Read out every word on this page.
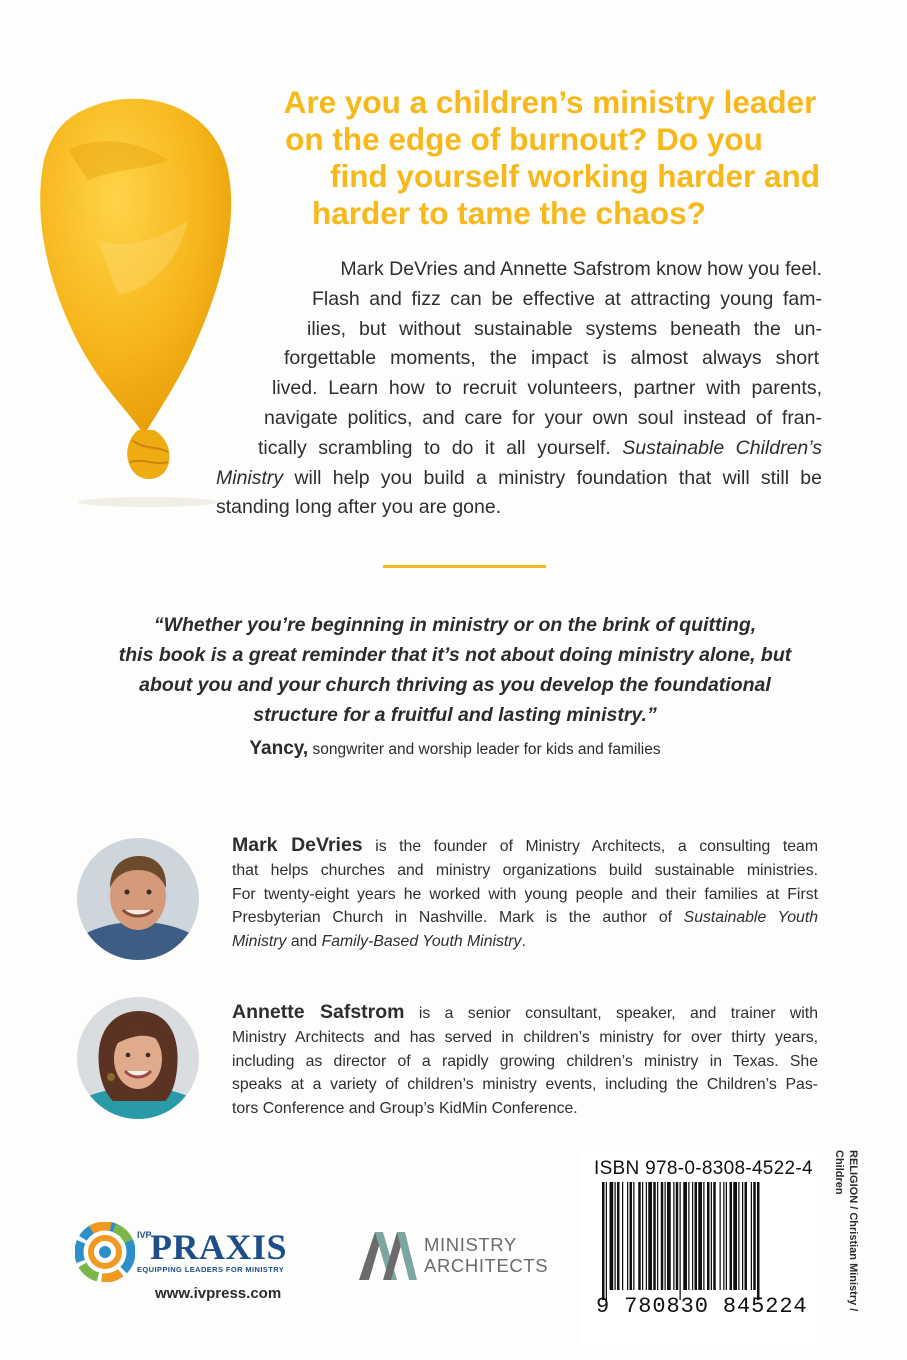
Are you a children’s ministry leader
on the edge of burnout? Do you
find yourself working harder and
harder to tame the chaos?

Mark DeVries and Annette Safstrom know how you feel.
Flash and fizz can be effective at attracting young fam-
ilies, but without sustainable systems beneath the un-
forgettable moments, the impact is almost always short
lived. Learn how to recruit volunteers, partner with parents,
navigate politics, and care for your own soul instead of fran-
tically scrambling to do it all yourself. Sustainable Children’s
Ministry will help you build a ministry foundation that will still be
standing long after you are gone.

“Whether you’re beginning in ministry or on the brink of quitting,
this book is a great reminder that it’s not about doing ministry alone, but
about you and your church thriving as you develop the foundational
structure for a fruitful and lasting ministry.”

Yancy, songwriter and worship leader for kids and families

Mark DeVries is the founder of Ministry Architects, a consulting team
that helps churches and ministry organizations build sustainable ministries.
For twenty-eight years he worked with young people and their families at First
Presbyterian Church in Nashville. Mark is the author of Sustainable Youth
Ministry and Family-Based Youth Ministry.

Annette Safstrom is a senior consultant, speaker, and trainer with
Ministry Architects and has served in children’s ministry for over thirty years,
including as director of a rapidly growing children’s ministry in Texas. She
speaks at a variety of children’s ministry events, including the Children’s Pas-
tors Conference and Group’s KidMin Conference.

IVP
PRAXIS
EQUIPPING LEADERS FOR MINISTRY
www.ivpress.com
MINISTRY
ARCHITECTS
ISBN 978-0-8308-4522-4
9 780830 845224	RELIGION / Christian Ministry /
Children
